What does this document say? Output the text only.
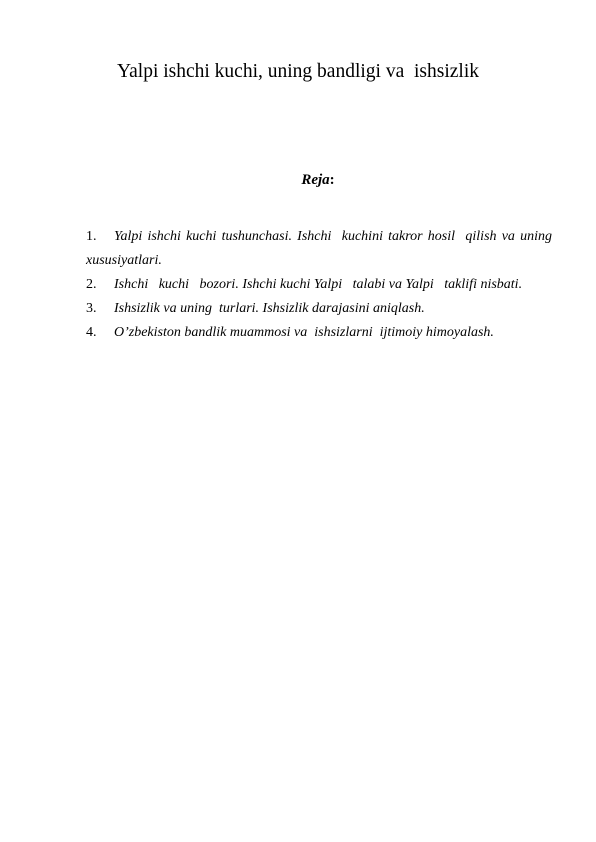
Yalpi ishchi kuchi, uning bandligi va  ishsizlik
Reja:
1. Yalpi ishchi kuchi tushunchasi. Ishchi  kuchini takror hosil  qilish va uning  xususiyatlari.
2. Ishchi   kuchi   bozori. Ishchi kuchi Yalpi   talabi va Yalpi   taklifi nisbati.
3. Ishsizlik va uning  turlari. Ishsizlik darajasini aniqlash.
4. O’zbekiston bandlik muammosi va  ishsizlarni  ijtimoiy himoyalash.
